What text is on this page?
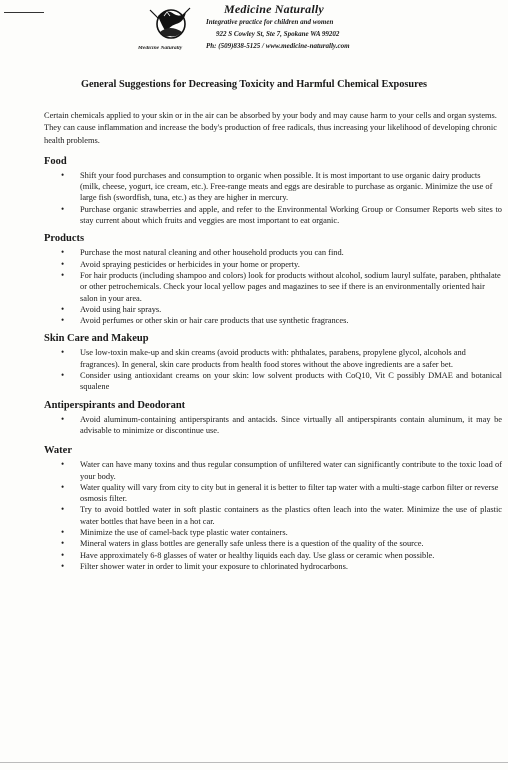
Medicine Naturally
Medicine Naturally
Integrative practice for children and women
922 S Cowley St, Ste 7, Spokane WA 99202
Ph: (509)838-5125 / www.medicine-naturally.com
General Suggestions for Decreasing Toxicity and Harmful Chemical Exposures

Certain chemicals applied to your skin or in the air can be absorbed by your body and may cause harm to your cells and organ systems. They can cause inflammation and increase the body's production of free radicals, thus increasing your likelihood of developing chronic health problems.

Food
• Shift your food purchases and consumption to organic when possible. It is most important to use organic dairy products (milk, cheese, yogurt, ice cream, etc.). Free-range meats and eggs are desirable to purchase as organic. Minimize the use of large fish (swordfish, tuna, etc.) as they are higher in mercury.
• Purchase organic strawberries and apple, and refer to the Environmental Working Group or Consumer Reports web sites to stay current about which fruits and veggies are most important to eat organic.
Products
• Purchase the most natural cleaning and other household products you can find.
• Avoid spraying pesticides or herbicides in your home or property.
• For hair products (including shampoo and colors) look for products without alcohol, sodium lauryl sulfate, paraben, phthalate or other petrochemicals. Check your local yellow pages and magazines to see if there is an environmentally oriented hair salon in your area.
• Avoid using hair sprays.
• Avoid perfumes or other skin or hair care products that use synthetic fragrances.
Skin Care and Makeup
• Use low-toxin make-up and skin creams (avoid products with: phthalates, parabens, propylene glycol, alcohols and fragrances). In general, skin care products from health food stores without the above ingredients are a safer bet.
• Consider using antioxidant creams on your skin: low solvent products with CoQ10, Vit C possibly DMAE and botanical squalene
Antiperspirants and Deodorant
• Avoid aluminum-containing antiperspirants and antacids. Since virtually all antiperspirants contain aluminum, it may be advisable to minimize or discontinue use.
Water
• Water can have many toxins and thus regular consumption of unfiltered water can significantly contribute to the toxic load of your body.
• Water quality will vary from city to city but in general it is better to filter tap water with a multi-stage carbon filter or reverse osmosis filter.
• Try to avoid bottled water in soft plastic containers as the plastics often leach into the water. Minimize the use of plastic water bottles that have been in a hot car.
• Minimize the use of camel-back type plastic water containers.
• Mineral waters in glass bottles are generally safe unless there is a question of the quality of the source.
• Have approximately 6-8 glasses of water or healthy liquids each day. Use glass or ceramic when possible.
• Filter shower water in order to limit your exposure to chlorinated hydrocarbons.
